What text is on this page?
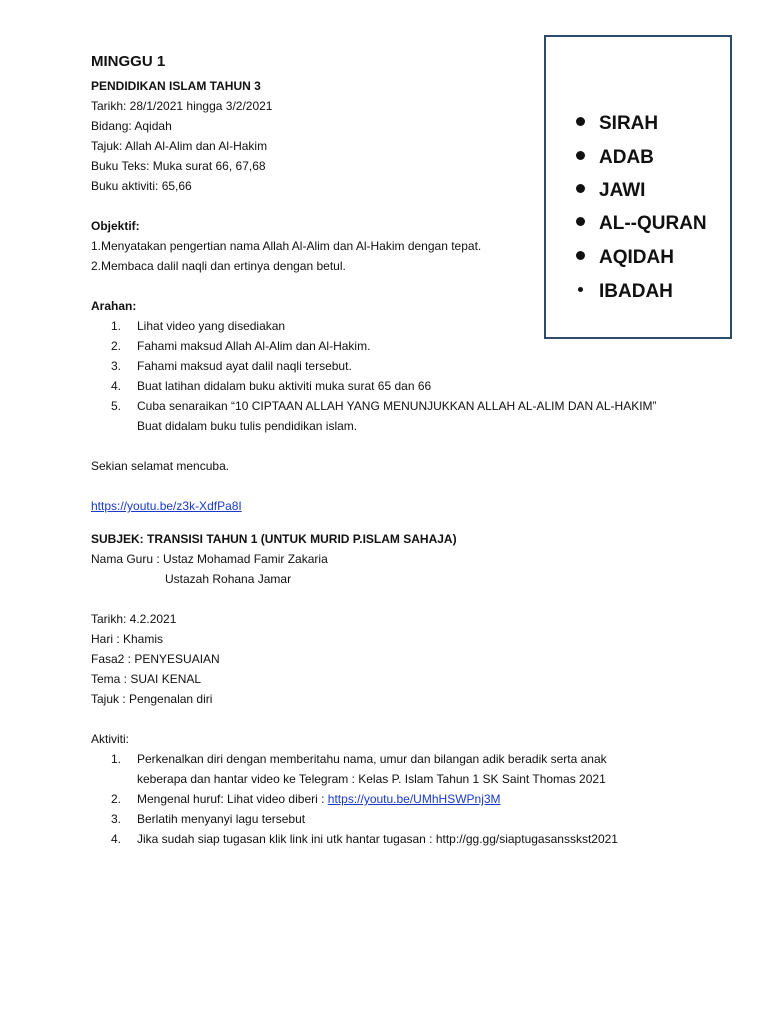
MINGGU 1
PENDIDIKAN ISLAM TAHUN 3
Tarikh: 28/1/2021 hingga 3/2/2021
Bidang: Aqidah
Tajuk: Allah Al-Alim dan Al-Hakim
Buku Teks: Muka surat 66, 67,68
Buku aktiviti: 65,66
Objektif:
1.Menyatakan pengertian nama Allah Al-Alim dan Al-Hakim dengan tepat.
2.Membaca dalil naqli dan ertinya dengan betul.
Arahan:
1. Lihat video yang disediakan
2. Fahami maksud Allah Al-Alim dan Al-Hakim.
3. Fahami maksud ayat dalil naqli tersebut.
4. Buat latihan didalam buku aktiviti muka surat 65 dan 66
5. Cuba senaraikan “10 CIPTAAN ALLAH YANG MENUNJUKKAN ALLAH AL-ALIM DAN AL-HAKIM”
Buat didalam buku tulis pendidikan islam.
Sekian selamat mencuba.
https://youtu.be/z3k-XdfPa8I
SUBJEK: TRANSISI TAHUN 1 (UNTUK MURID P.ISLAM SAHAJA)
Nama Guru : Ustaz Mohamad Famir Zakaria
Ustazah Rohana Jamar
Tarikh: 4.2.2021
Hari : Khamis
Fasa2 : PENYESUAIAN
Tema : SUAI KENAL
Tajuk : Pengenalan diri
Aktiviti:
1. Perkenalkan diri dengan memberitahu nama, umur dan bilangan adik beradik serta anak
keberapa dan hantar video ke Telegram : Kelas P. Islam Tahun 1 SK Saint Thomas 2021
2. Mengenal huruf: Lihat video diberi : https://youtu.be/UMhHSWPnj3M
3. Berlatih menyanyi lagu tersebut
4. Jika sudah siap tugasan klik link ini utk hantar tugasan : http://gg.gg/siaptugasansskst2021
SIRAH
ADAB
JAWI
AL--QURAN
AQIDAH
IBADAH
